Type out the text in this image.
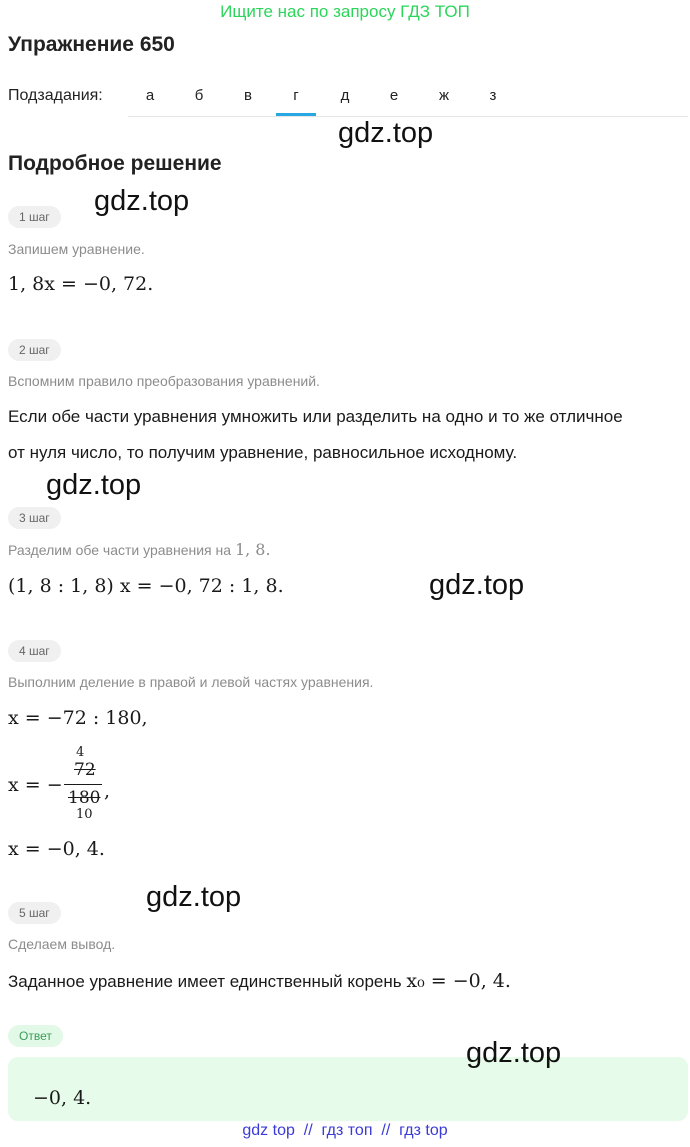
Ищите нас по запросу ГДЗ ТОП
Упражнение 650
Подзадания:	а	б	в	г	д	е	ж	з
gdz.top
Подробное решение
gdz.top
1 шаг
Запишем уравнение.
1, 8x = −0, 72.
2 шаг
Вспомним правило преобразования уравнений.
Если обе части уравнения умножить или разделить на одно и то же отличное
от нуля число, то получим уравнение, равносильное исходному.
gdz.top
3 шаг
Разделим обе части уравнения на 1, 8.
(1, 8 : 1, 8) x = −0, 72 : 1, 8.	gdz.top
4 шаг
Выполним деление в правой и левой частях уравнения.
x = −72 : 180,
x = −
4
72
180
10
,
x = −0, 4.
gdz.top
5 шаг
Сделаем вывод.
Заданное уравнение имеет единственный корень x₀ = −0, 4.
Ответ
−0, 4.
gdz.top
gdz top  //  гдз топ  //  гдз top
